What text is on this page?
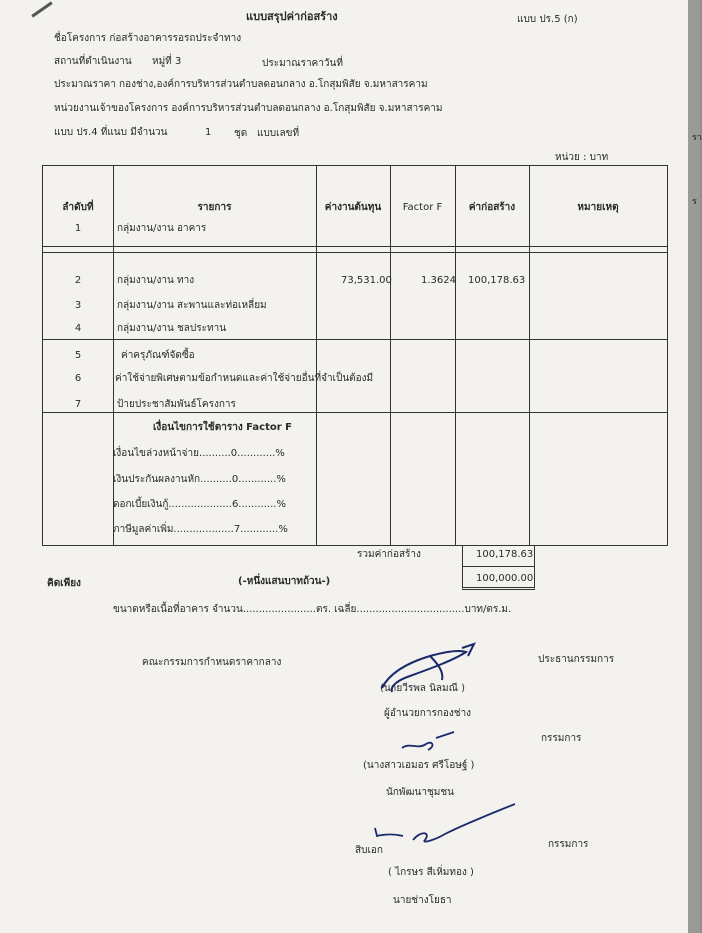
แบบสรุปค่าก่อสร้าง	แบบ ปร.5 (ก)
ชื่อโครงการ ก่อสร้างอาคารรอรถประจำทาง
สถานที่ดำเนินงาน หมู่ที่ 3	ประมาณราคาวันที่
ประมาณราคา กองช่าง,องค์การบริหารส่วนตำบลดอนกลาง อ.โกสุมพิสัย จ.มหาสารคาม
หน่วยงานเจ้าของโครงการ องค์การบริหารส่วนตำบลดอนกลาง อ.โกสุมพิสัย จ.มหาสารคาม
แบบ ปร.4 ที่แนบ มีจำนวน	1 ชุด แบบเลขที่
หน่วย : บาท
ลำดับที่	รายการ	ค่างานต้นทุน	Factor F	ค่าก่อสร้าง	หมายเหตุ
1	กลุ่มงาน/งาน อาคาร
2	กลุ่มงาน/งาน ทาง	73,531.00	1.3624 100,178.63
3	กลุ่มงาน/งาน สะพานและท่อเหลี่ยม
4	กลุ่มงาน/งาน ชลประทาน
5	ค่าครุภัณฑ์จัดซื้อ
6	ค่าใช้จ่ายพิเศษตามข้อกำหนดและค่าใช้จ่ายอื่นที่จำเป็นต้องมี
7	ป้ายประชาสัมพันธ์โครงการ
เงื่อนไขการใช้ตาราง Factor F
เงื่อนไขล่วงหน้าจ่าย..........0............%
เงินประกันผลงานหัก..........0............%
ดอกเบี้ยเงินกู้....................6............%
ภาษีมูลค่าเพิ่ม...................7............%
รวมค่าก่อสร้าง	100,178.63
คิดเพียง	(-หนึ่งแสนบาทถ้วน-)	100,000.00
ขนาดหรือเนื้อที่อาคาร จำนวน.......................ตร. เฉลี่ย..................................บาท/ตร.ม.
คณะกรรมการกำหนดราคากลาง	ประธานกรรมการ
(นายวีรพล นิลมณี )
ผู้อำนวยการกองช่าง
กรรมการ
(นางสาวเอมอร ศรีโอษฐ์ )
นักพัฒนาชุมชน
กรรมการ
สิบเอก
( ไกรษร สีเหิ่มทอง )
นายช่างโยธา
รา
ร
